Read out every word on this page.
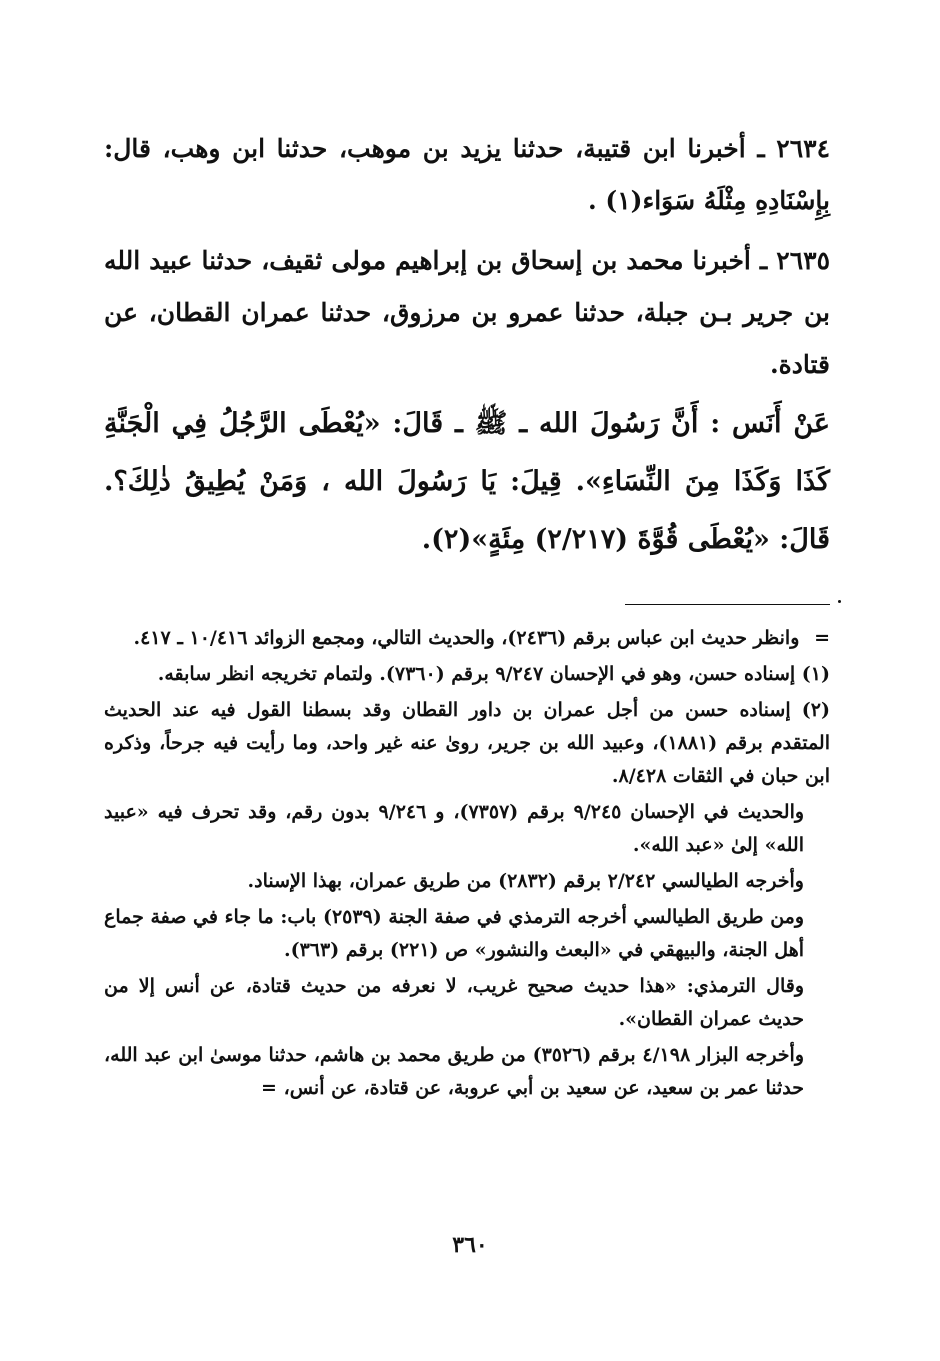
٢٦٣٤ ـ أخبرنا ابن قتيبة، حدثنا يزيد بن موهب، حدثنا ابن وهب، قال: بِإِسْنَادِهِ مِثْلَهُ سَوَاء(١) .

٢٦٣٥ ـ أخبرنا محمد بن إسحاق بن إبراهيم مولى ثقيف، حدثنا عبيد الله بن جرير بـن جبلة، حدثنا عمرو بن مرزوق، حدثنا عمران القطان، عن قتادة.

عَنْ أَنَس : أَنَّ رَسُولَ الله ـ ﷺ ـ قَالَ: «يُعْطَى الرَّجُلُ فِي الْجَنَّةِ كَذَا وَكَذَا مِنَ النِّسَاءِ». قِيلَ: يَا رَسُولَ الله ، وَمَنْ يُطِيقُ ذٰلِكَ؟. قَالَ: «يُعْطَى قُوَّةَ (٢/٢١٧) مِئَةٍ»(٢).

= وانظر حديث ابن عباس برقم (٢٤٣٦)، والحديث التالي، ومجمع الزوائد ١٠/٤١٦ ـ ٤١٧.

(١) إسناده حسن، وهو في الإحسان ٩/٢٤٧ برقم (٧٣٦٠). ولتمام تخريجه انظر سابقه.

(٢) إسناده حسن من أجل عمران بن داور القطان وقد بسطنا القول فيه عند الحديث المتقدم برقم (١٨٨١)، وعبيد الله بن جرير، روىٰ عنه غير واحد، وما رأيت فيه جرحاً، وذكره ابن حبان في الثقات ٨/٤٢٨.

والحديث في الإحسان ٩/٢٤٥ برقم (٧٣٥٧)، و ٩/٢٤٦ بدون رقم، وقد تحرف فيه «عبيد الله» إلىٰ «عبد الله».

وأخرجه الطيالسي ٢/٢٤٢ برقم (٢٨٣٢) من طريق عمران، بهذا الإسناد.

ومن طريق الطيالسي أخرجه الترمذي في صفة الجنة (٢٥٣٩) باب: ما جاء في صفة جماع أهل الجنة، والبيهقي في «البعث والنشور» ص (٢٢١) برقم (٣٦٣).

وقال الترمذي: «هذا حديث صحيح غريب، لا نعرفه من حديث قتادة، عن أنس إلا من حديث عمران القطان».

وأخرجه البزار ٤/١٩٨ برقم (٣٥٢٦) من طريق محمد بن هاشم، حدثنا موسىٰ ابن عبد الله، حدثنا عمر بن سعيد، عن سعيد بن أبي عروبة، عن قتادة، عن أنس، =

٣٦٠
